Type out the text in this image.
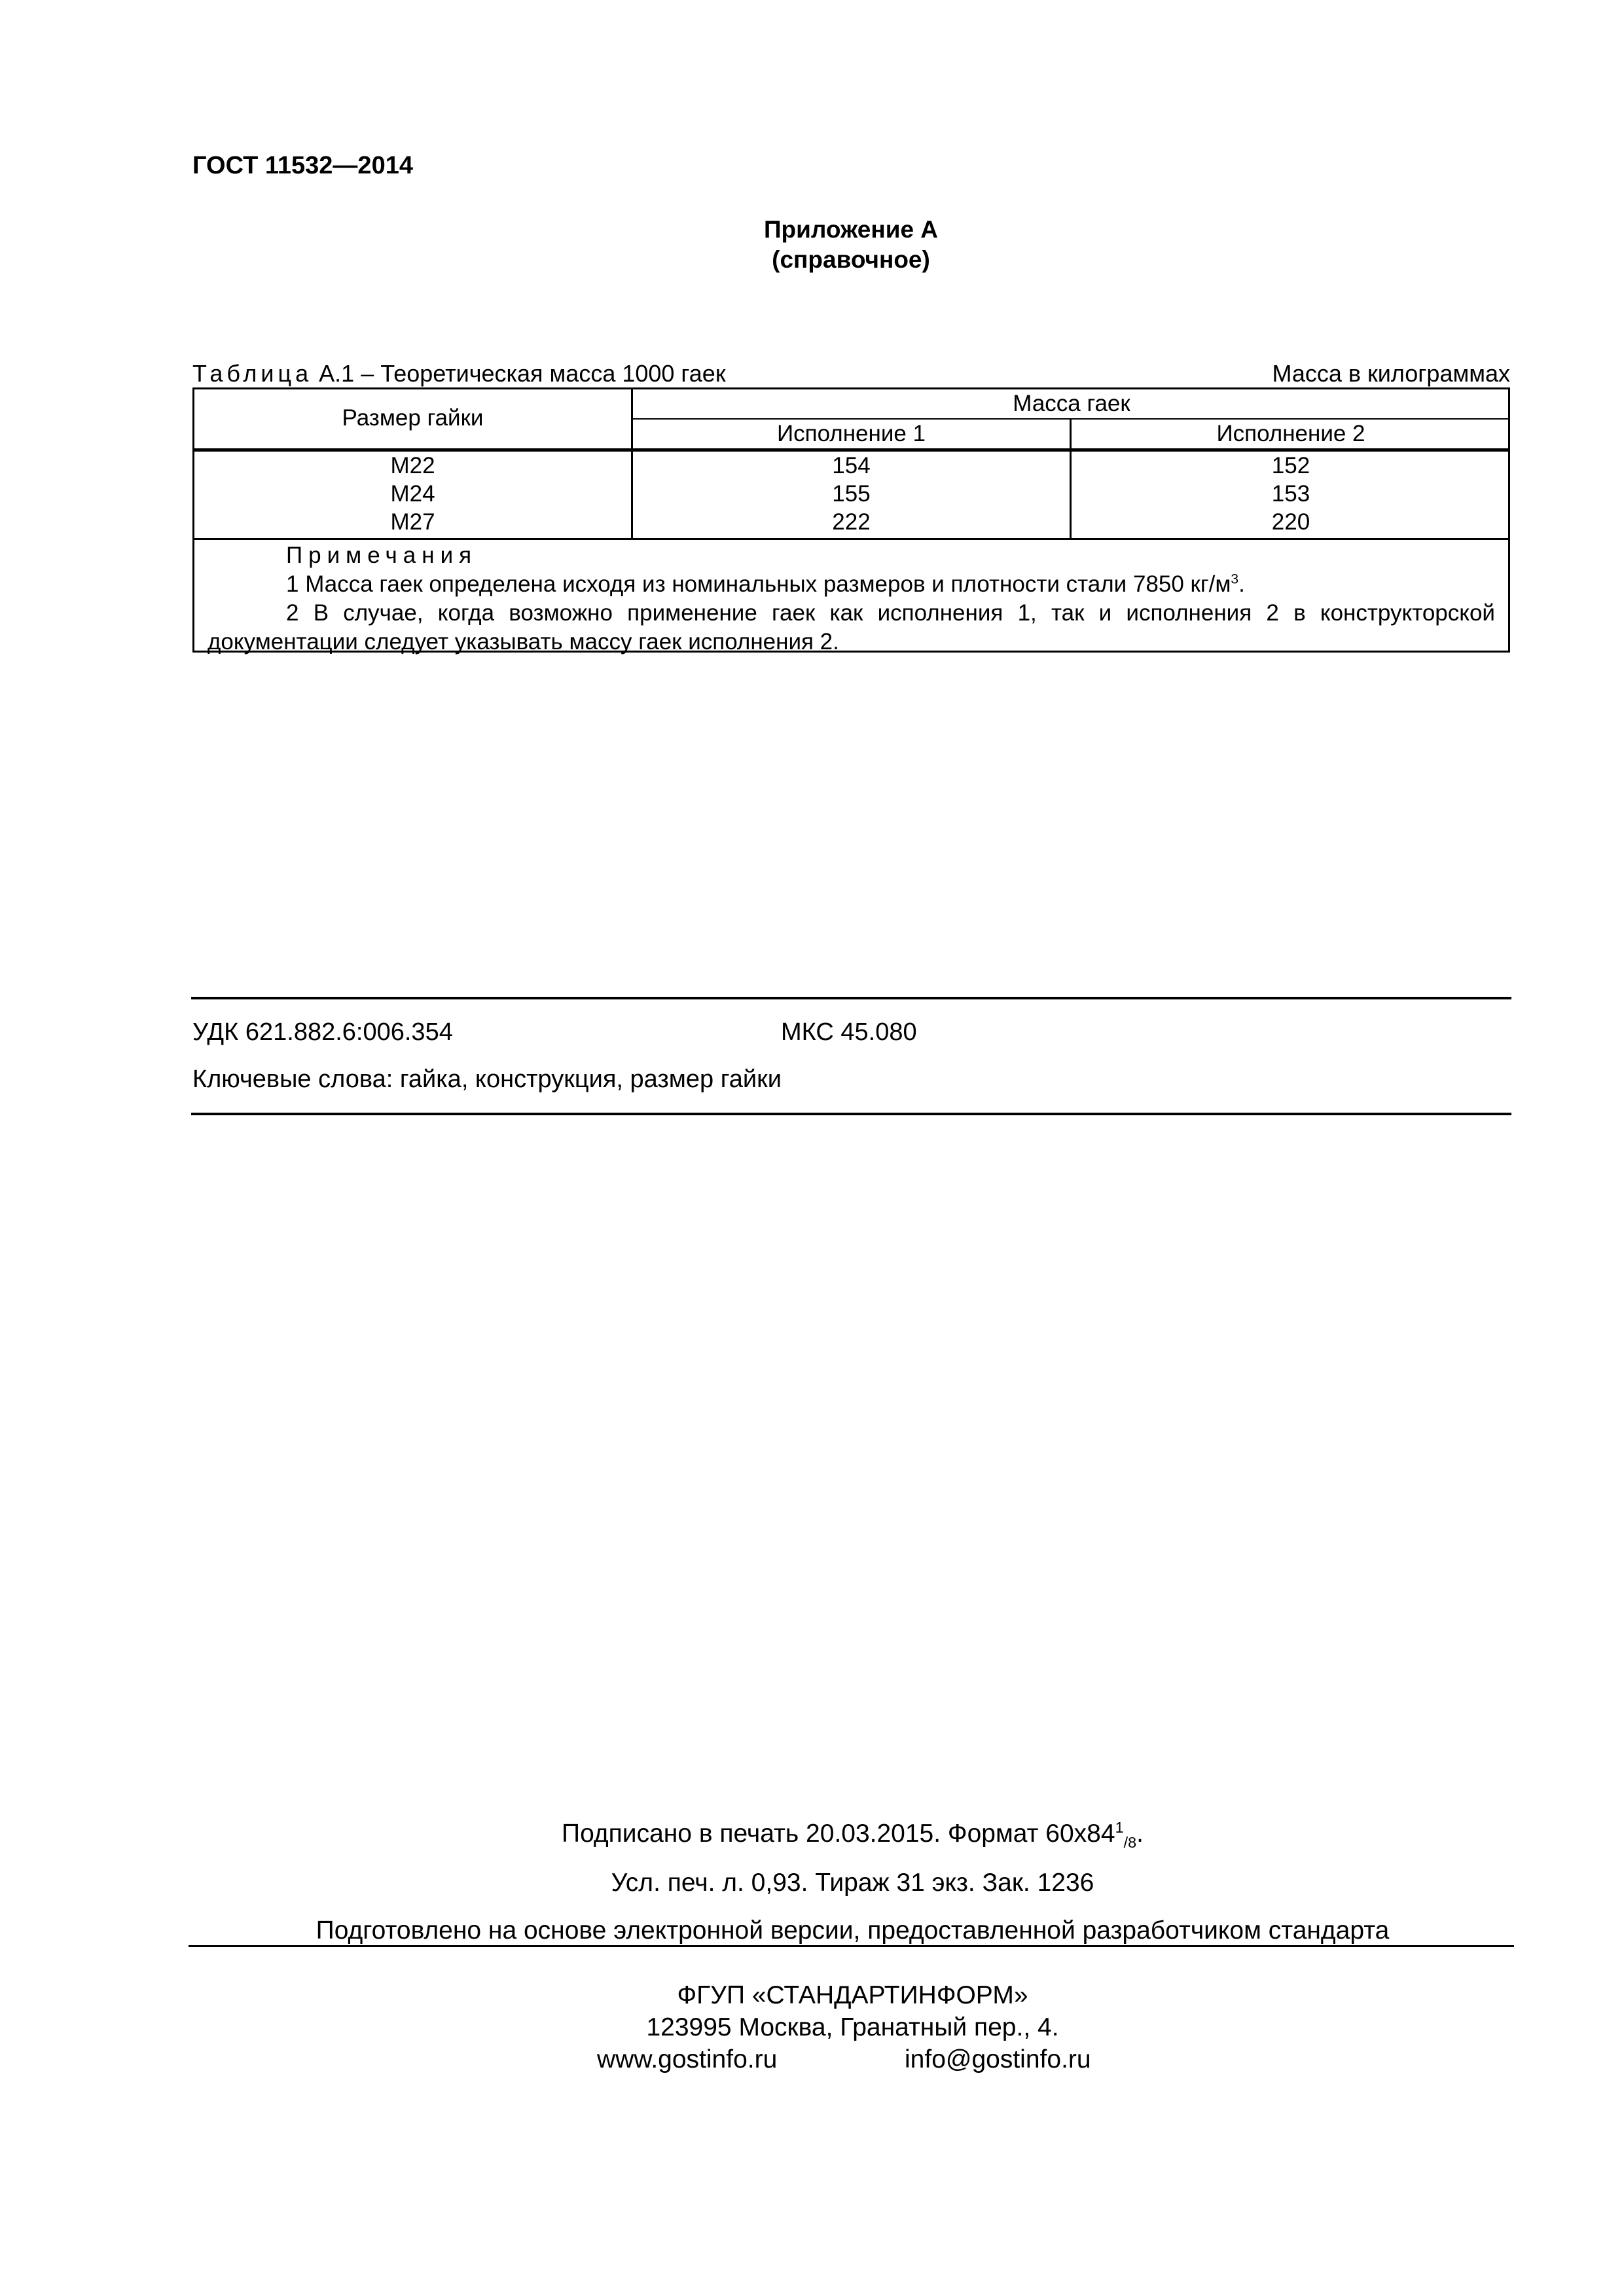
ГОСТ 11532—2014
Приложение А
(справочное)
Таблица А.1 – Теоретическая масса 1000 гаек	Масса в килограммах
Размер гайки
Масса гаек
Исполнение 1	Исполнение 2
М22	154	152
М24	155	153
М27	222	220
Примечания
1 Масса гаек определена исходя из номинальных размеров и плотности стали 7850 $кг/м^3$.
2 В случае, когда возможно применение гаек как исполнения 1, так и исполнения 2 в конструкторской документации следует указывать массу гаек исполнения 2.
УДК 621.882.6:006.354	МКС 45.080
Ключевые слова: гайка, конструкция, размер гайки
Подписано в печать 20.03.2015. Формат $60x84^1_{/8}$.
Усл. печ. л. 0,93. Тираж 31 экз. Зак. 1236
Подготовлено на основе электронной версии, предоставленной разработчиком стандарта
ФГУП «СТАНДАРТИНФОРМ»
123995 Москва, Гранатный пер., 4.
www.gostinfo.ru	info@gostinfo.ru
